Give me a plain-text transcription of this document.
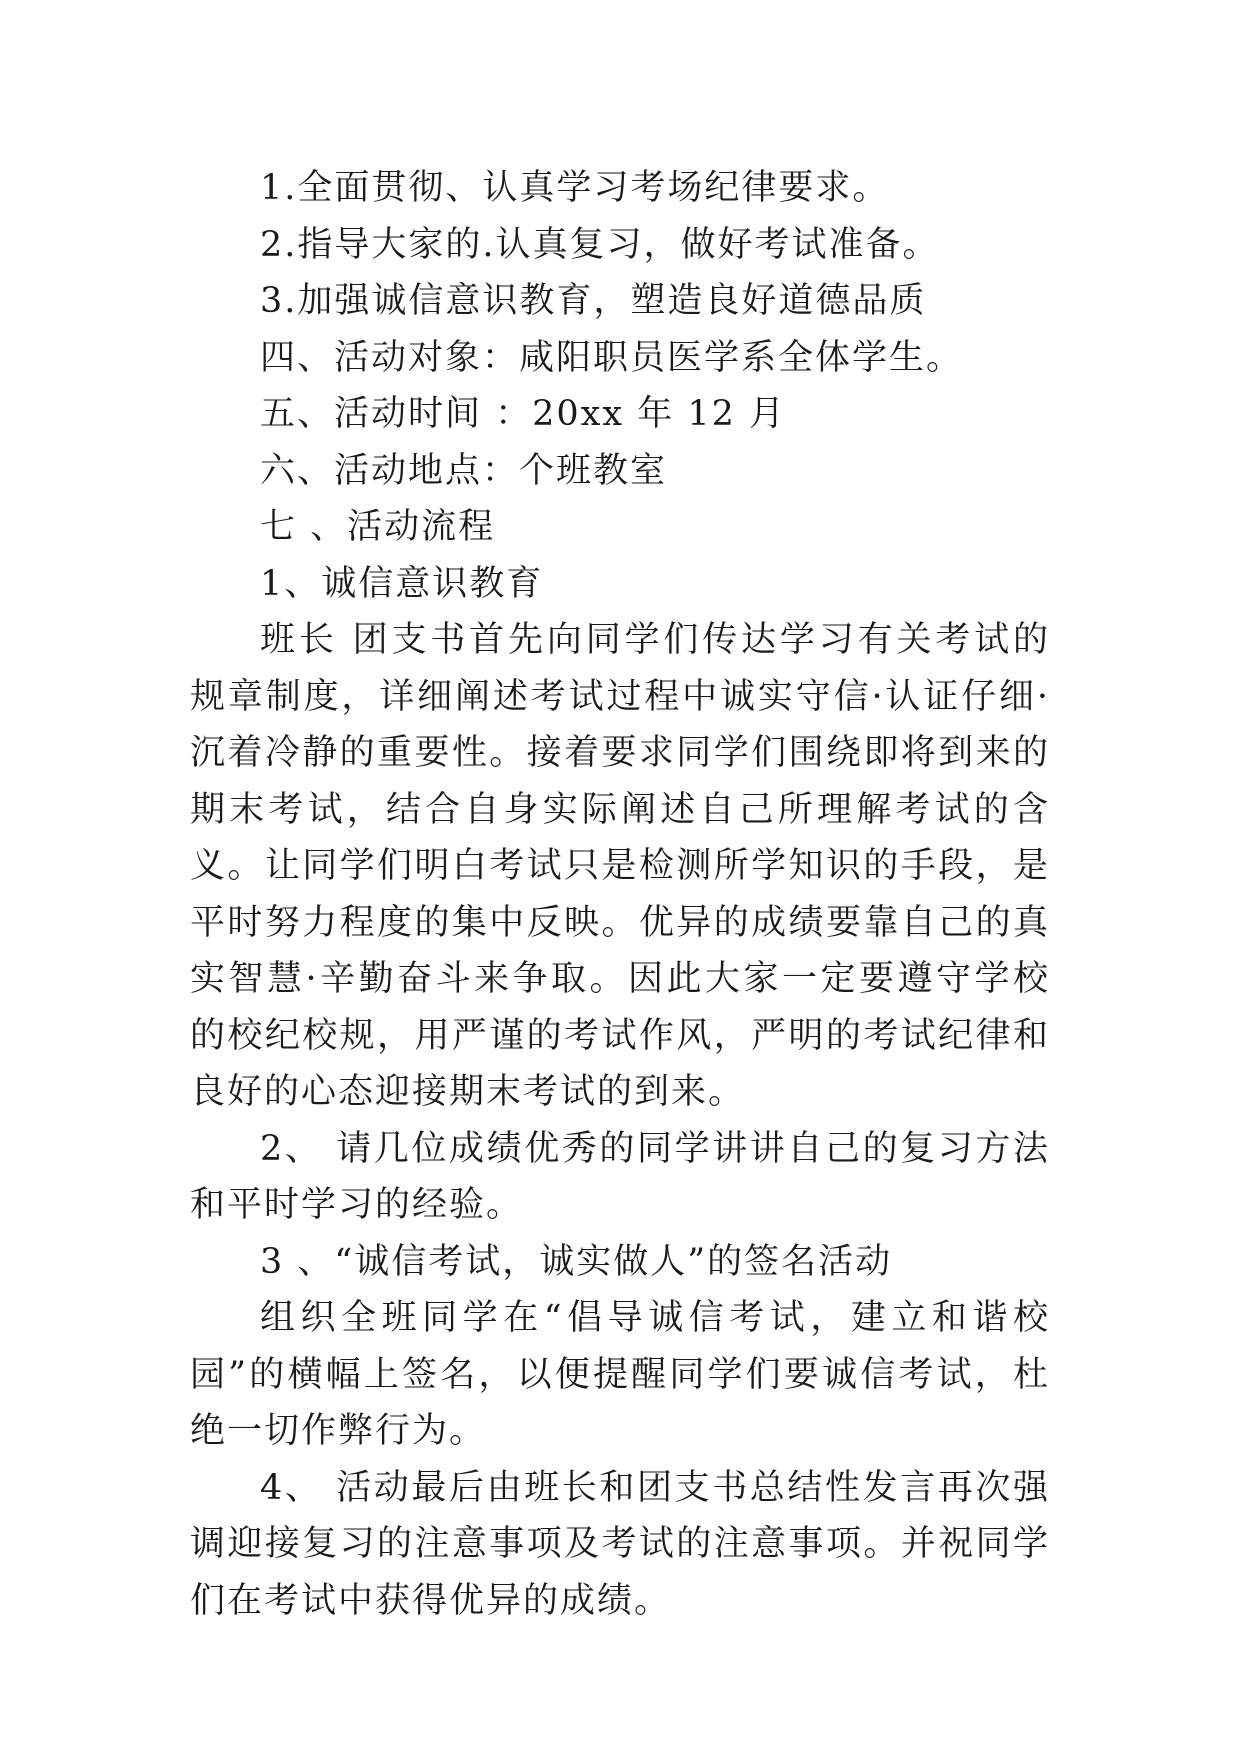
1.全面贯彻、认真学习考场纪律要求。

2.指导大家的.认真复习，做好考试准备。

3.加强诚信意识教育，塑造良好道德品质

四、活动对象：咸阳职员医学系全体学生。

五、活动时间 ：20xx 年 12 月

六、活动地点：个班教室

七 、活动流程

1、诚信意识教育

班长 团支书首先向同学们传达学习有关考试的规章制度，详细阐述考试过程中诚实守信·认证仔细·沉着冷静的重要性。接着要求同学们围绕即将到来的期末考试，结合自身实际阐述自己所理解考试的含义。让同学们明白考试只是检测所学知识的手段，是平时努力程度的集中反映。优异的成绩要靠自己的真实智慧·辛勤奋斗来争取。因此大家一定要遵守学校的校纪校规，用严谨的考试作风，严明的考试纪律和良好的心态迎接期末考试的到来。

2、 请几位成绩优秀的同学讲讲自己的复习方法和平时学习的经验。

3 、“诚信考试，诚实做人”的签名活动

组织全班同学在“倡导诚信考试，建立和谐校园”的横幅上签名，以便提醒同学们要诚信考试，杜绝一切作弊行为。

4、 活动最后由班长和团支书总结性发言再次强调迎接复习的注意事项及考试的注意事项。并祝同学们在考试中获得优异的成绩。
